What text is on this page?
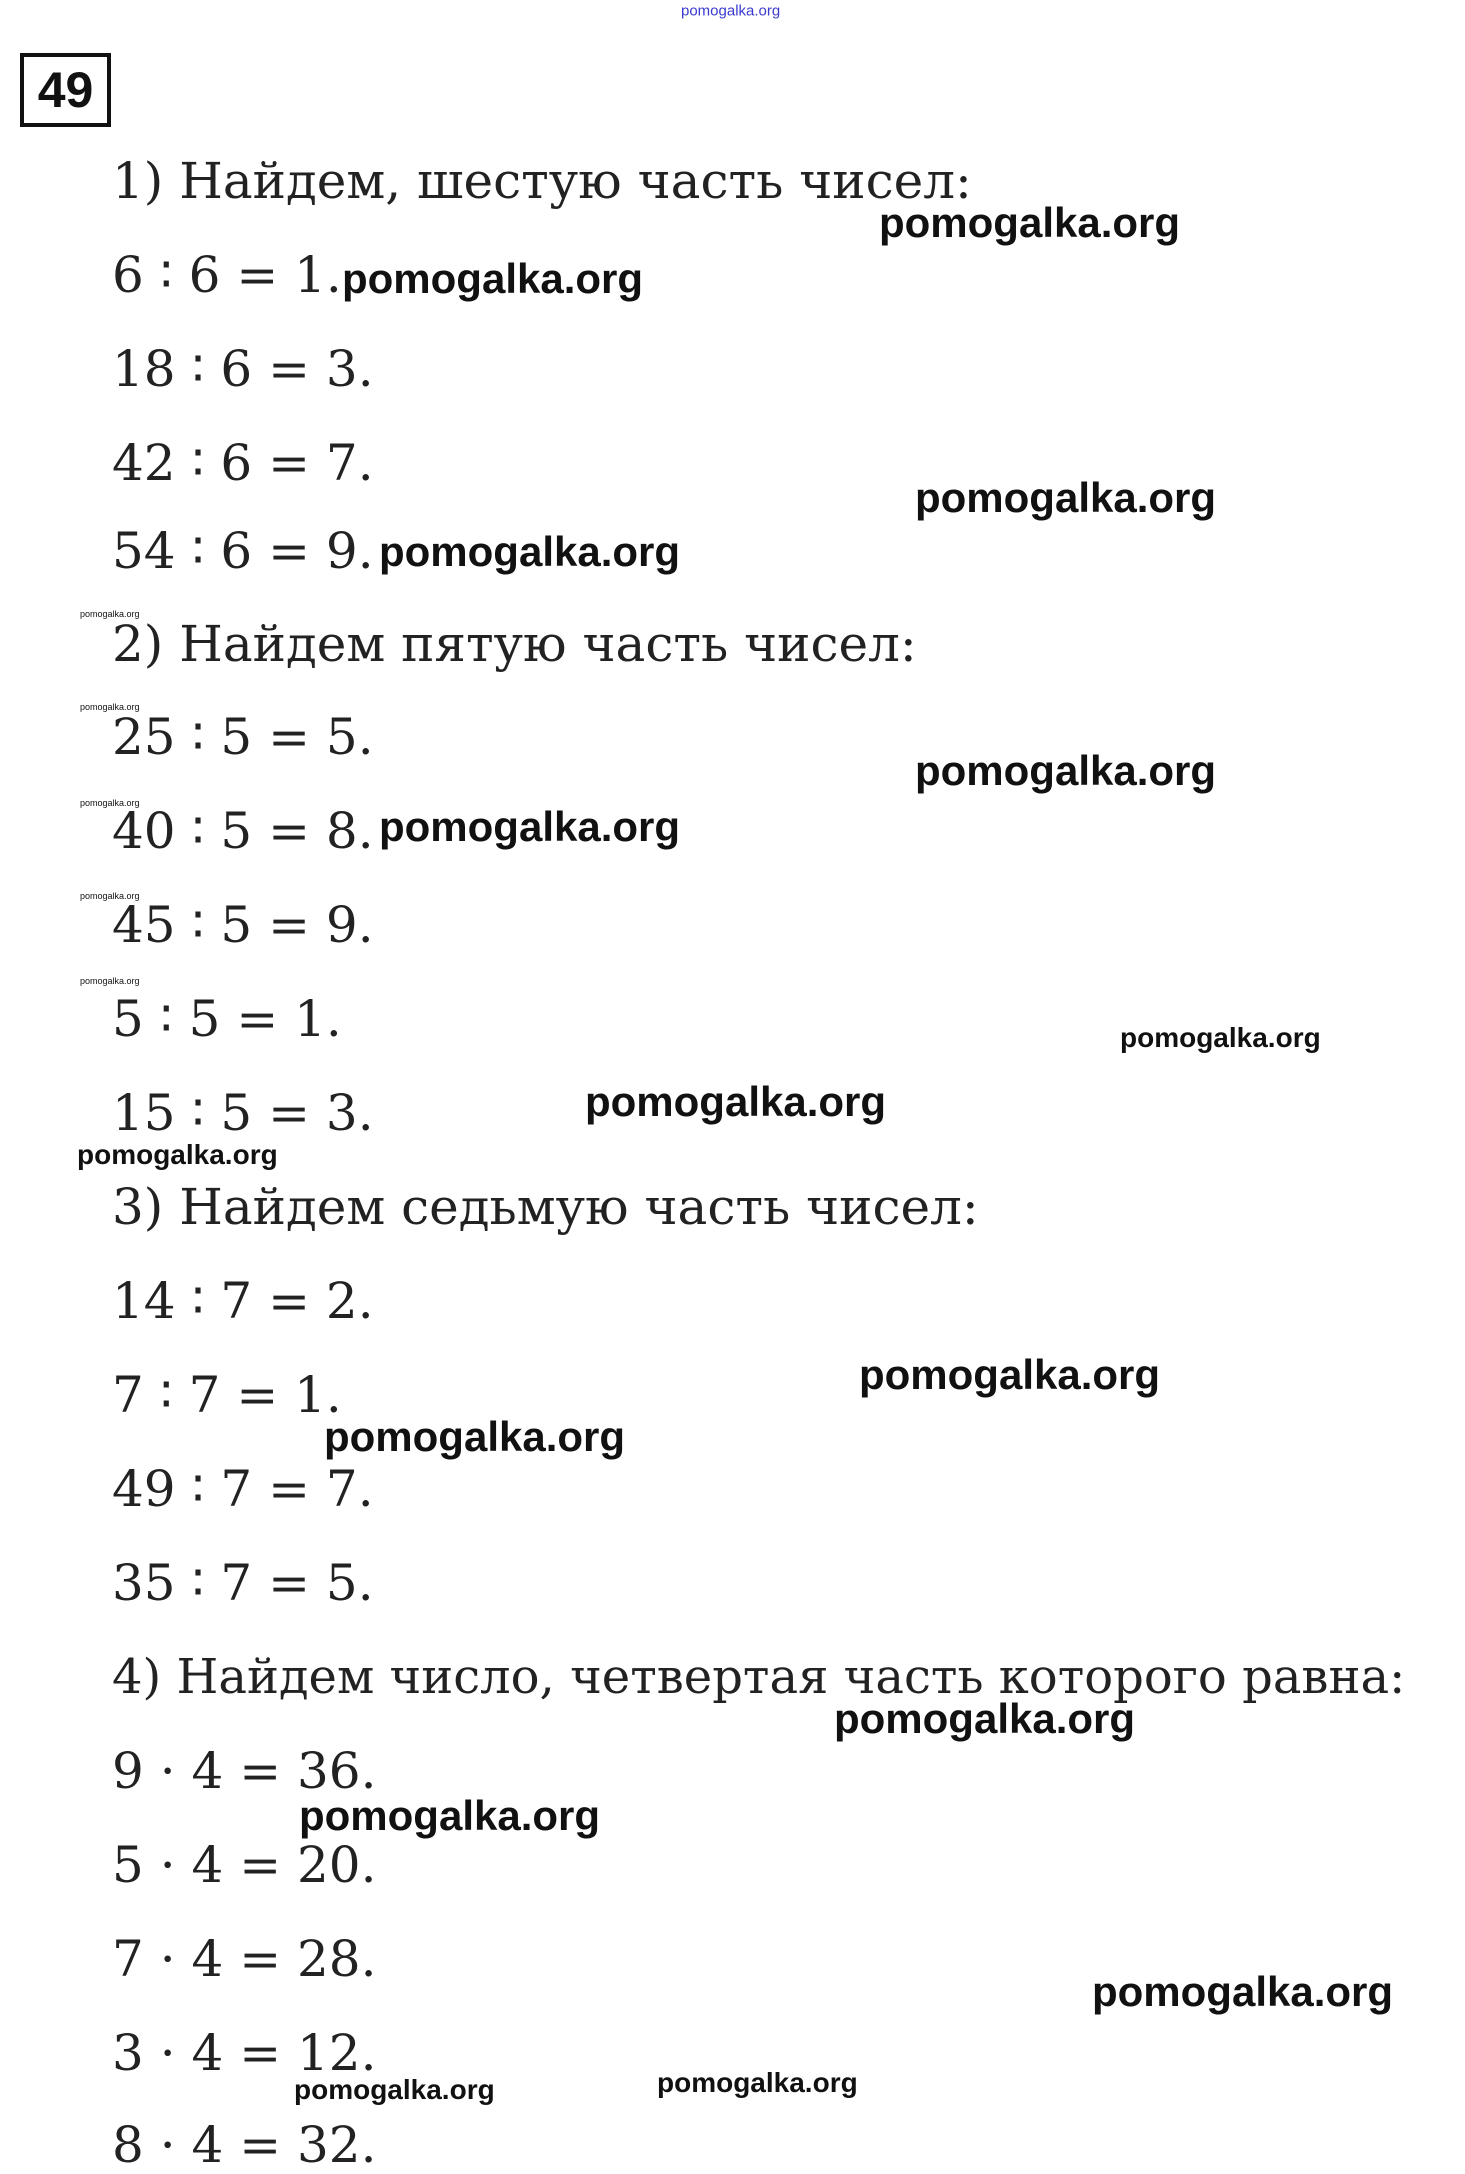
pomogalka.org
49
1) Найдем, шестую часть чисел:
6 ∶ 6 = 1.
18 ∶ 6 = 3.
42 ∶ 6 = 7.
54 ∶ 6 = 9.
2) Найдем пятую часть чисел:
25 ∶ 5 = 5.
40 ∶ 5 = 8.
45 ∶ 5 = 9.
5 ∶ 5 = 1.
15 ∶ 5 = 3.
3) Найдем седьмую часть чисел:
14 ∶ 7 = 2.
7 ∶ 7 = 1.
49 ∶ 7 = 7.
35 ∶ 7 = 5.
4) Найдем число, четвертая часть которого равна:
9 · 4 = 36.
5 · 4 = 20.
7 · 4 = 28.
3 · 4 = 12.
8 · 4 = 32.
pomogalka.org
pomogalka.org
pomogalka.org
pomogalka.org
pomogalka.org
pomogalka.org
pomogalka.org
pomogalka.org
pomogalka.org
pomogalka.org
pomogalka.org
pomogalka.org
pomogalka.org
pomogalka.org
pomogalka.org
pomogalka.org
pomogalka.org
pomogalka.org
pomogalka.org
pomogalka.org	pomogalka.org
